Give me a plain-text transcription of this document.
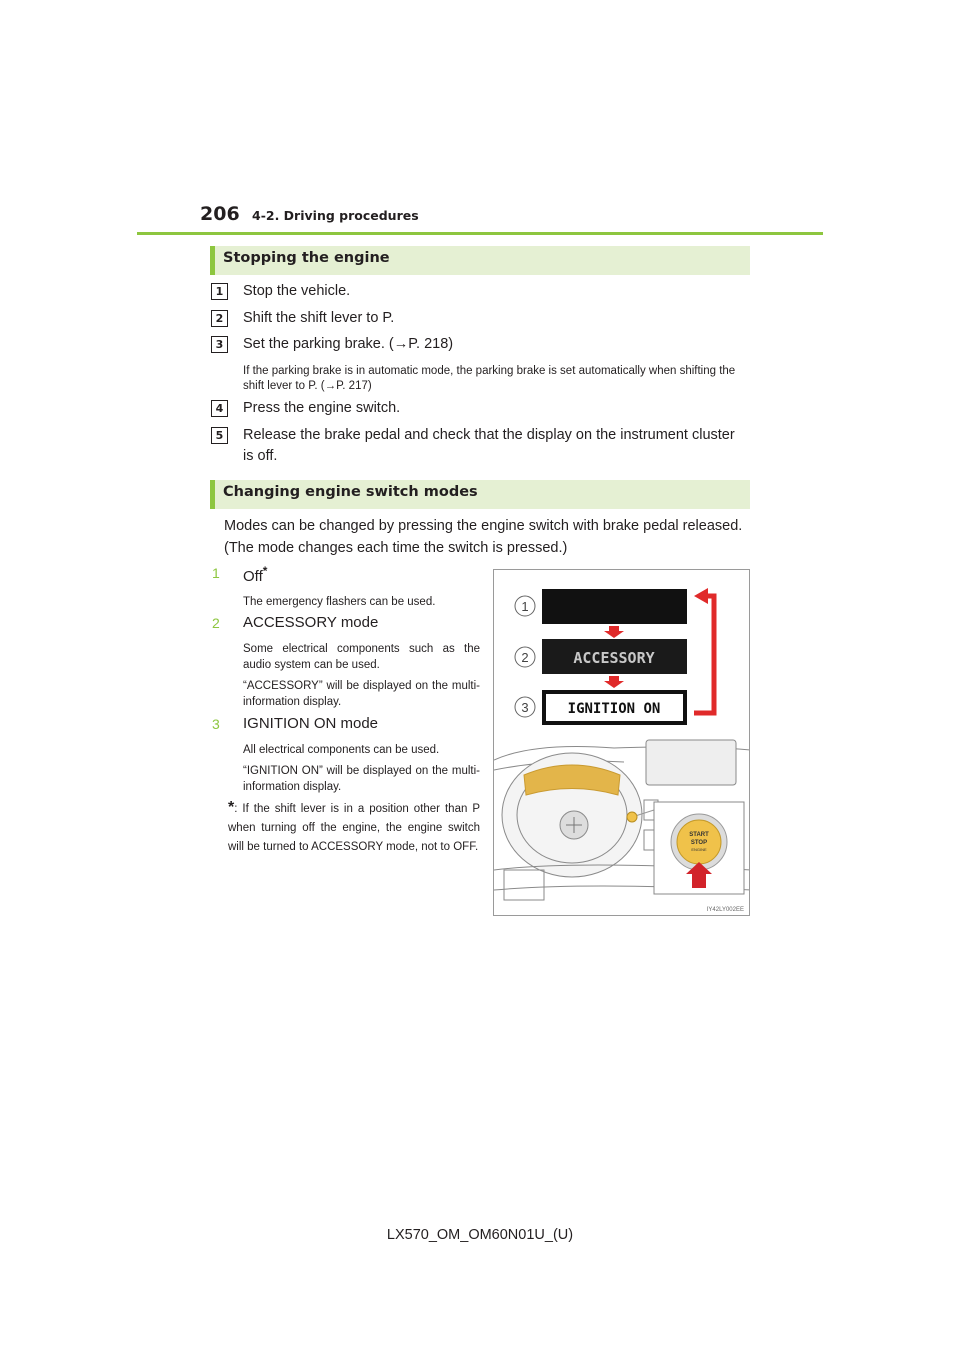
206 4-2. Driving procedures
Stopping the engine
1	Stop the vehicle.
2	Shift the shift lever to P.
3	Set the parking brake. (→P. 218)
If the parking brake is in automatic mode, the parking brake is set automatically when shifting the shift lever to P. (→P. 217)
4	Press the engine switch.
5	Release the brake pedal and check that the display on the instrument cluster is off.
Changing engine switch modes
Modes can be changed by pressing the engine switch with brake pedal released. (The mode changes each time the switch is pressed.)
1	Off*
The emergency flashers can be used.
2	ACCESSORY mode
Some electrical components such as the audio system can be used.
“ACCESSORY” will be displayed on the multi-information display.
3	IGNITION ON mode
All electrical components can be used.
“IGNITION ON” will be displayed on the multi-information display.
*: If the shift lever is in a position other than P when turning off the engine, the engine switch will be turned to ACCESSORY mode, not to OFF.
ACCESSORY
IGNITION ON
1
2
3
START
STOP
ENGINE
IY42LY002EE
LX570_OM_OM60N01U_(U)
